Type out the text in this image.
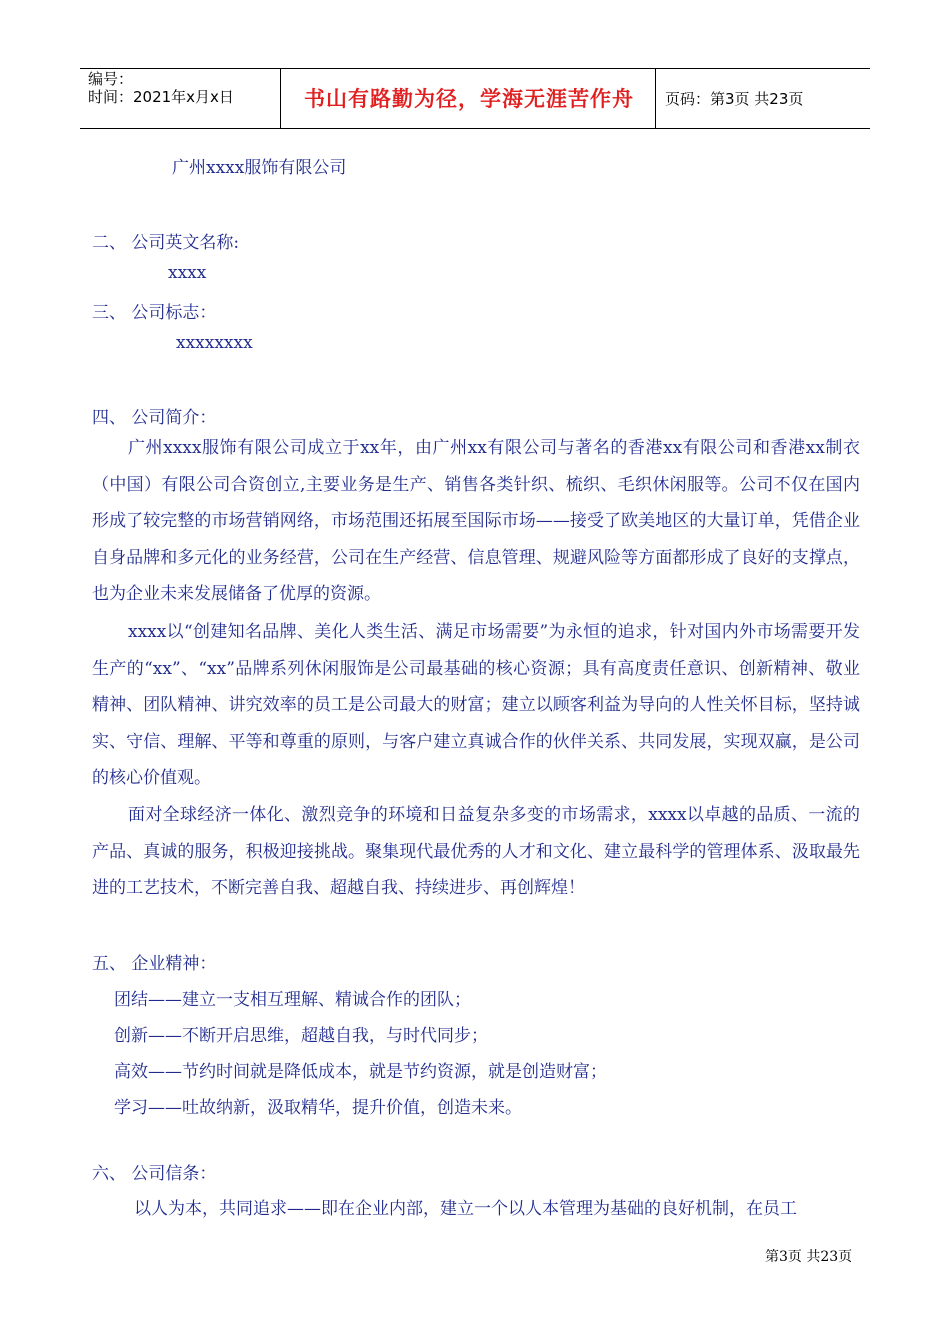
编号：
时间：2021年x月x日	书山有路勤为径，学海无涯苦作舟	页码：第3页 共23页
广州xxxx服饰有限公司
二、 公司英文名称:
xxxx
三、 公司标志：
xxxxxxxx
四、 公司简介：
广州xxxx服饰有限公司成立于xx年，由广州xx有限公司与著名的香港xx有限公司和香港xx制衣（中国）有限公司合资创立,主要业务是生产、销售各类针织、梳织、毛织休闲服等。公司不仅在国内形成了较完整的市场营销网络，市场范围还拓展至国际市场——接受了欧美地区的大量订单，凭借企业自身品牌和多元化的业务经营，公司在生产经营、信息管理、规避风险等方面都形成了良好的支撑点，也为企业未来发展储备了优厚的资源。
xxxx以“创建知名品牌、美化人类生活、满足市场需要”为永恒的追求，针对国内外市场需要开发生产的“xx”、“xx”品牌系列休闲服饰是公司最基础的核心资源；具有高度责任意识、创新精神、敬业精神、团队精神、讲究效率的员工是公司最大的财富；建立以顾客利益为导向的人性关怀目标，坚持诚实、守信、理解、平等和尊重的原则，与客户建立真诚合作的伙伴关系、共同发展，实现双赢，是公司的核心价值观。
面对全球经济一体化、激烈竞争的环境和日益复杂多变的市场需求，xxxx以卓越的品质、一流的产品、真诚的服务，积极迎接挑战。聚集现代最优秀的人才和文化、建立最科学的管理体系、汲取最先进的工艺技术，不断完善自我、超越自我、持续进步、再创辉煌！
五、 企业精神：
团结——建立一支相互理解、精诚合作的团队；
创新——不断开启思维，超越自我，与时代同步；
高效——节约时间就是降低成本，就是节约资源，就是创造财富；
学习——吐故纳新，汲取精华，提升价值，创造未来。
六、 公司信条：
以人为本，共同追求——即在企业内部，建立一个以人本管理为基础的良好机制，在员工
第3页 共23页
